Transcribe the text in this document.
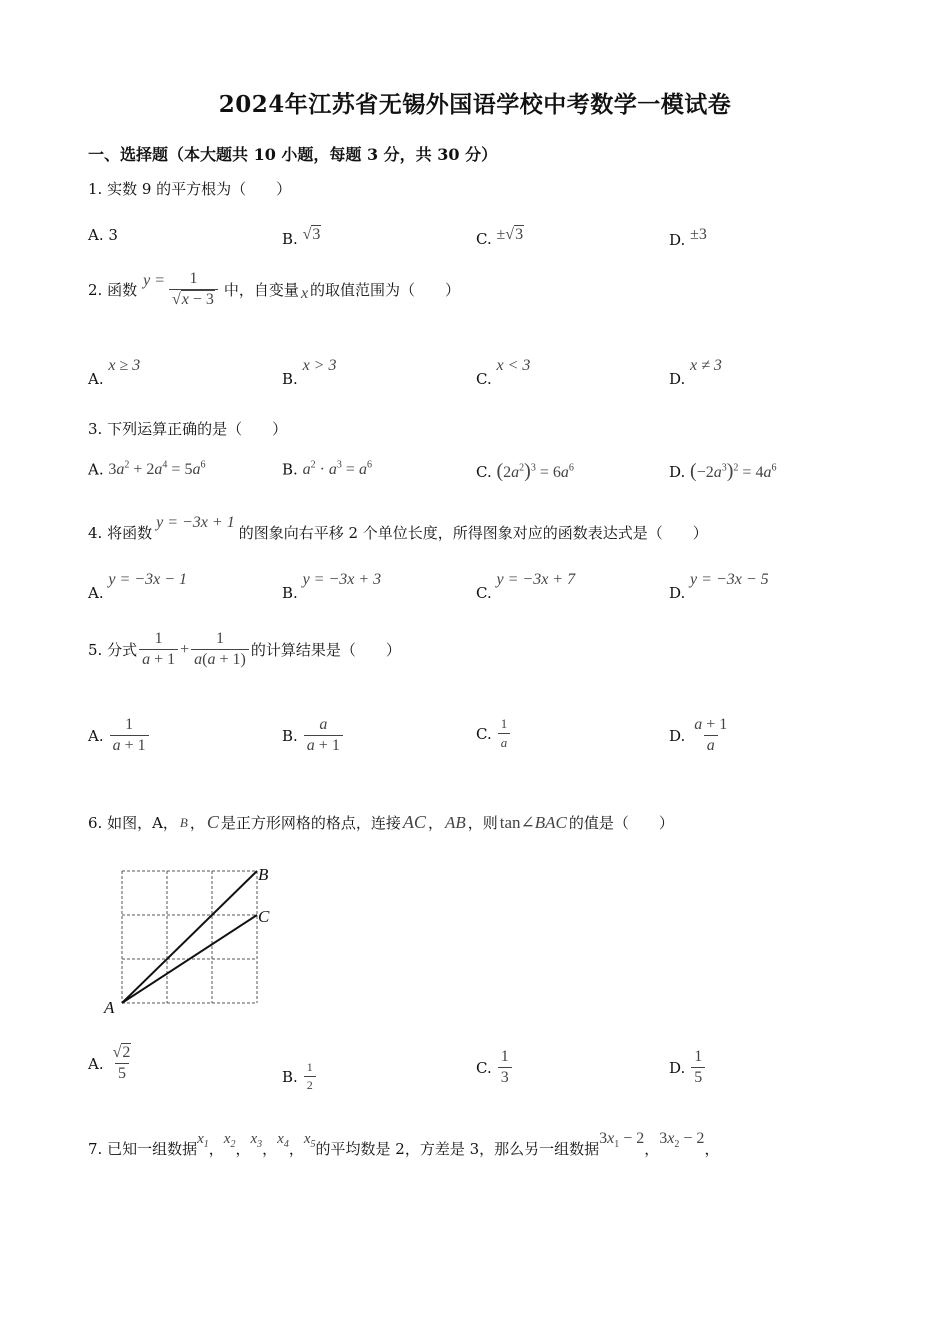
2024年江苏省无锡外国语学校中考数学一模试卷
一、选择题（本大题共 10 小题，每题 3 分，共 30 分）
1. 实数 9 的平方根为（　　）
A. 3	B. √3	C. ±√3	D. ±3
2. 函数
$y = \frac{1}{√x - 3}$ 中，自变量 x 的取值范围为（　　）
A. x ≥ 3
B. x > 3
C. x < 3
D. x ≠ 3
3. 下列运算正确的是（　　）
A. $3a^2 + 2a^4 = 5a^6$	B. $a^2 \cdot a^3 = a^6$	C. $(2a^2)^3 = 6a^6$	D. $(-2a^3)^2 = 4a^6$
4. 将函数
y = −3x + 1
的图象向右平移 2 个单位长度，所得图象对应的函数表达式是（　　）
A. y = −3x − 1
B. y = −3x + 3
C. y = −3x + 7
D. y = −3x − 5
5. 分式 $\frac{1}{a + 1} + \frac{1}{a(a + 1)}$ 的计算结果是（　　）
A. $\frac{1}{a + 1}$	B. $\frac{a}{a + 1}$	C. $\frac{1}{a}$	D. $\frac{a + 1}{a}$
6. 如图，A， B ， C 是正方形网格的格点，连接 AC ， AB ，则 tan∠BAC 的值是（　　）
B
C
A
A. $\frac{√2}{5}$	B. $\frac{1}{2}$	C. $\frac{1}{3}$	D. $\frac{1}{5}$
7. 已知一组数据
$x_1$ ，
$x_2$ ，
$x_3$ ，
$x_4$ ，
$x_5$ 的平均数是 2，方差是 3，那么另一组数据
$3x_1 - 2$
，
$3x_2 - 2$
，
